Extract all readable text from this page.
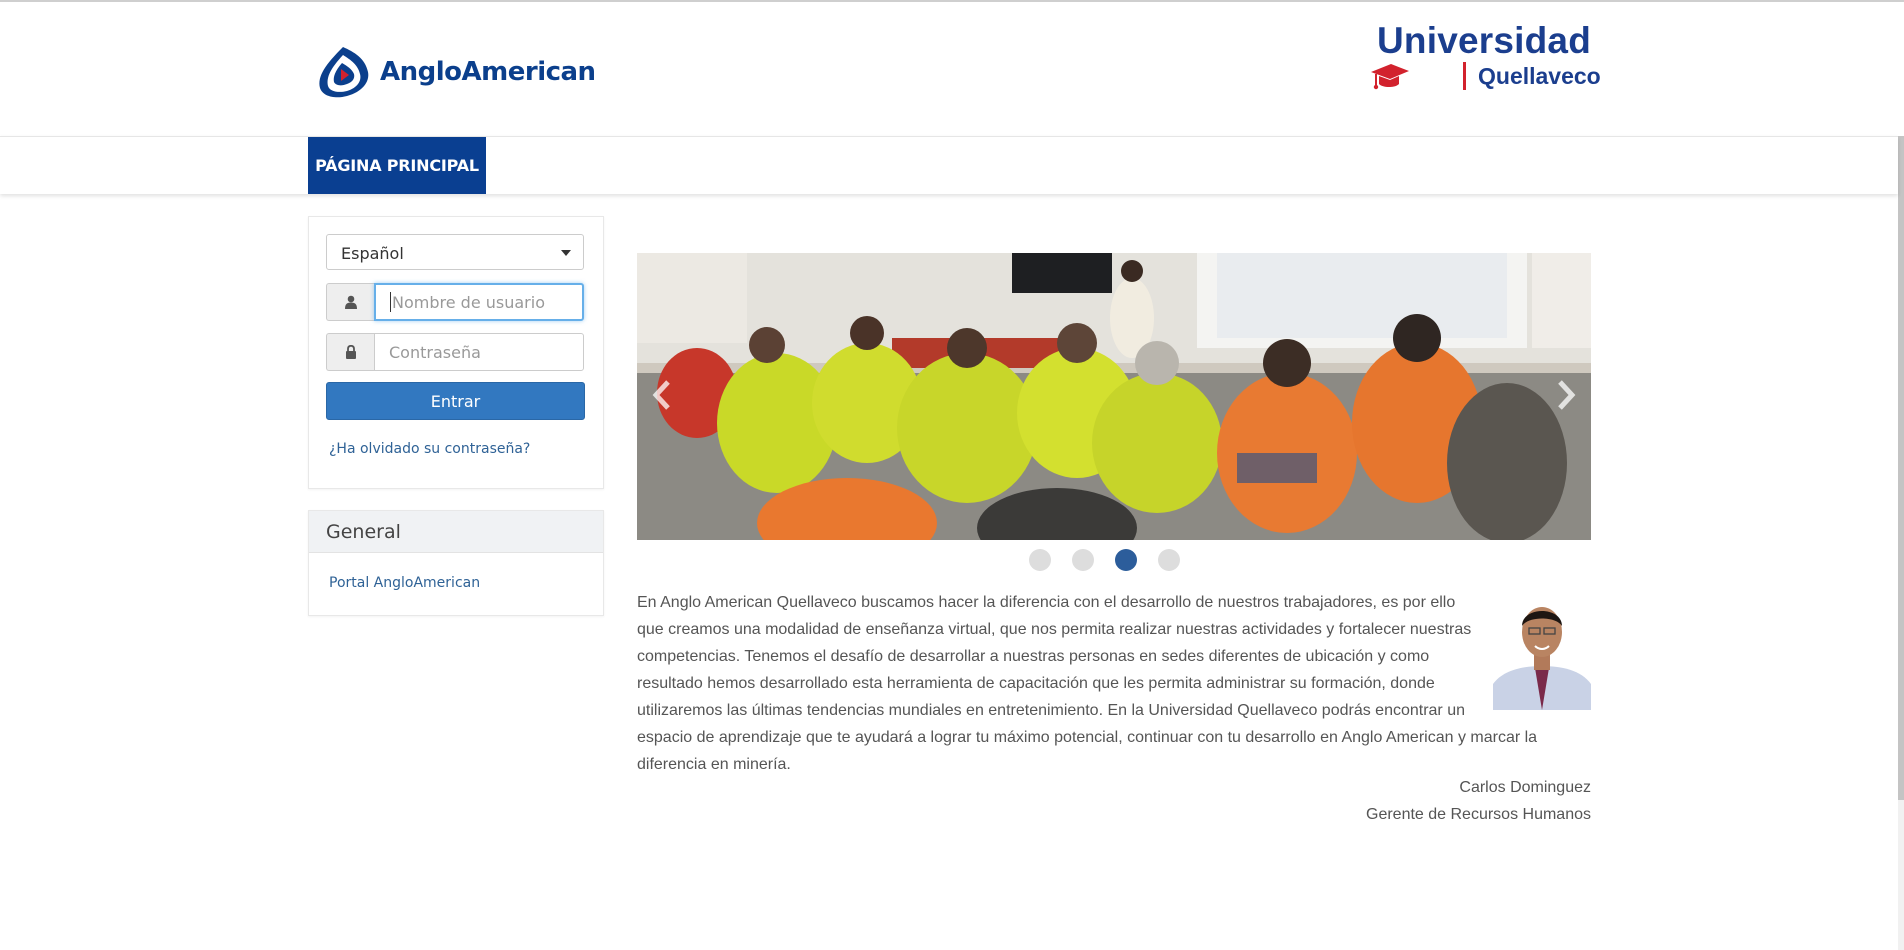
AngloAmerican
Universidad
Quellaveco
PÁGINA PRINCIPAL
Español
Nombre de usuario
Contraseña
Entrar
¿Ha olvidado su contraseña?
General
Portal AngloAmerican
En Anglo American Quellaveco buscamos hacer la diferencia con el desarrollo de nuestros trabajadores, es por ello que creamos una modalidad de enseñanza virtual, que nos permita realizar nuestras actividades y fortalecer nuestras competencias. Tenemos el desafío de desarrollar a nuestras personas en sedes diferentes de ubicación y como resultado hemos desarrollado esta herramienta de capacitación que les permita administrar su formación, donde utilizaremos las últimas tendencias mundiales en entretenimiento. En la Universidad Quellaveco podrás encontrar un espacio de aprendizaje que te ayudará a lograr tu máximo potencial, continuar con tu desarrollo en Anglo American y marcar la diferencia en minería.
Carlos Dominguez
Gerente de Recursos Humanos
